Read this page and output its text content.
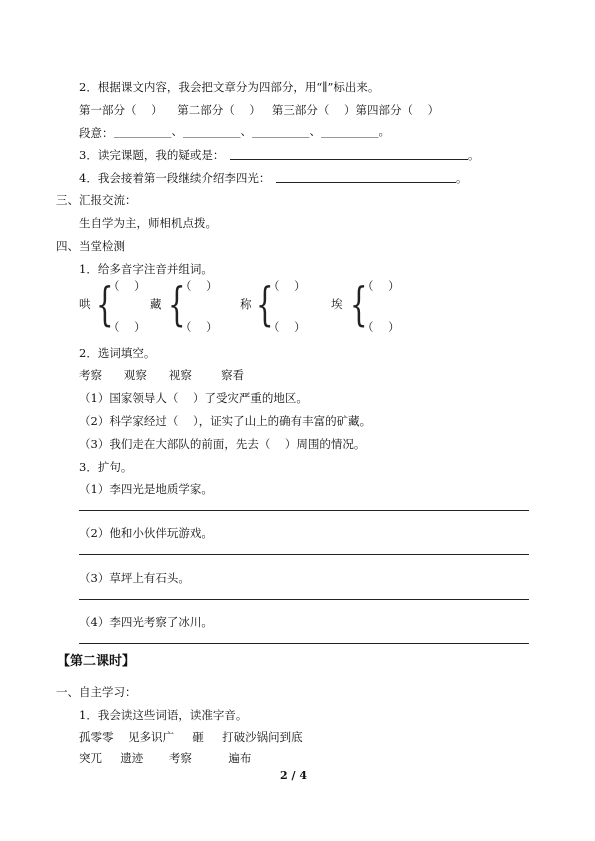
2．根据课文内容，我会把文章分为四部分，用“∥”标出来。
第一部分（    ）    第二部分（    ）   第三部分（    ）第四部分（    ）
段意： __________、__________、__________、__________。
3．读完课题，我的疑或是：	。
4．我会接着第一段继续介绍李四光：	。
三、汇报交流：
生自学为主，师相机点拨。
四、当堂检测
1．给多音字注音并组词。
哄 {
（    ）
（    ）
藏 {
（    ）
（    ）
称 {
（    ）
（    ）
埃 {
（    ）
（    ）
2．选词填空。
考察      观察      视察        察看
（1）国家领导人（    ）了受灾严重的地区。
（2）科学家经过（    ），证实了山上的确有丰富的矿藏。
（3）我们走在大部队的前面，先去（    ）周围的情况。
3．扩句。
（1）李四光是地质学家。
（2）他和小伙伴玩游戏。
（3）草坪上有石头。
（4）李四光考察了冰川。
【第二课时】
一、自主学习：
1．我会读这些词语，读准字音。
孤零零    见多识广     砸     打破沙锅问到底
突兀     遗迹       考察          遍布
2 / 4
